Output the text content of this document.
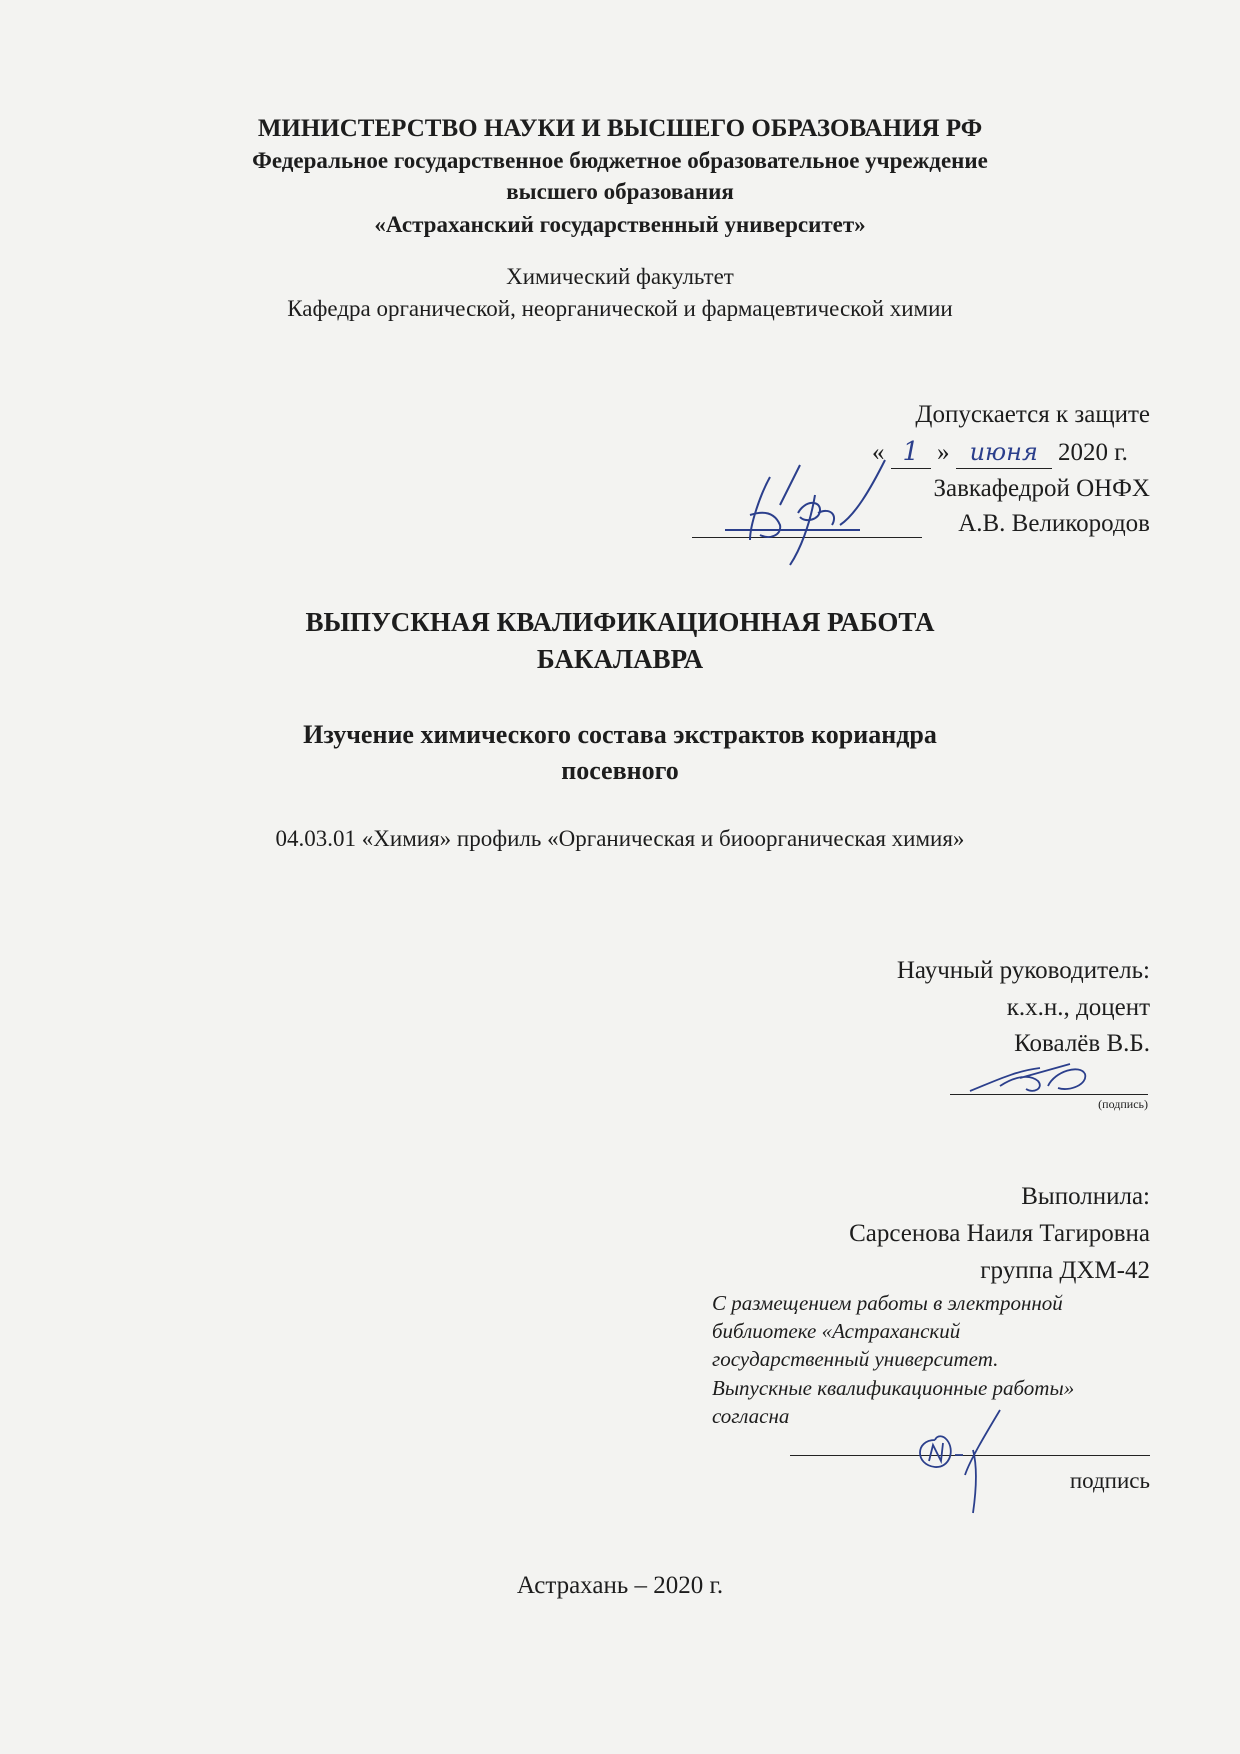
МИНИСТЕРСТВО НАУКИ И ВЫСШЕГО ОБРАЗОВАНИЯ РФ
Федеральное государственное бюджетное образовательное учреждение
высшего образования
«Астраханский государственный университет»
Химический факультет
Кафедра органической, неорганической и фармацевтической химии
Допускается к защите
« 1 » июня 2020 г.
Завкафедрой ОНФХ
А.В. Великородов
ВЫПУСКНАЯ КВАЛИФИКАЦИОННАЯ РАБОТА
БАКАЛАВРА
Изучение химического состава экстрактов кориандра
посевного
04.03.01 «Химия» профиль «Органическая и биоорганическая химия»
Научный руководитель:
к.х.н., доцент
Ковалёв В.Б.
(подпись)
Выполнила:
Сарсенова Наиля Тагировна
группа ДХМ-42
С размещением работы в электронной
библиотеке «Астраханский
государственный университет.
Выпускные квалификационные работы»
согласна
подпись
Астрахань – 2020 г.
